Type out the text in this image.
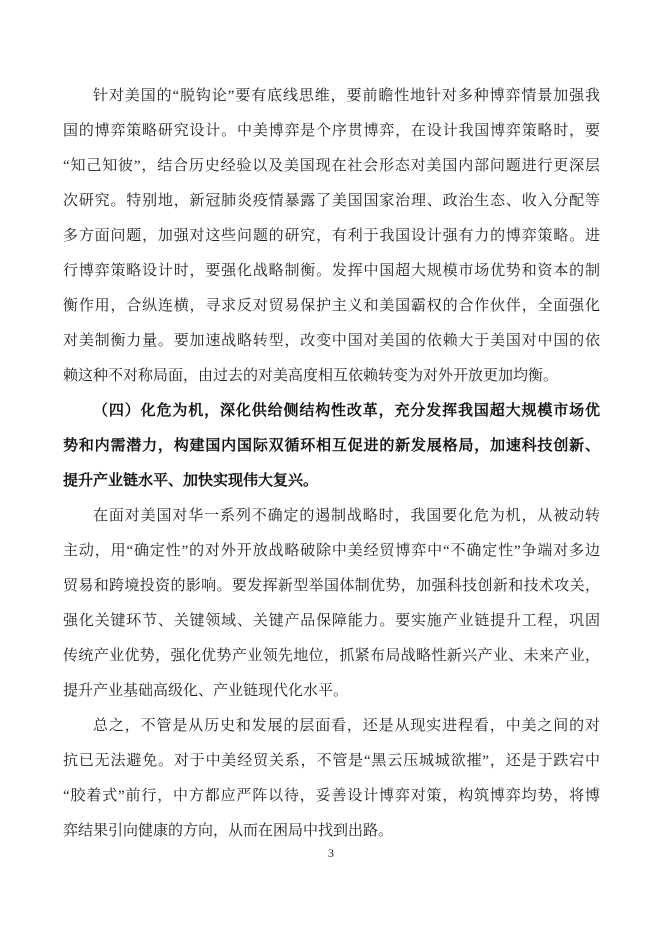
针对美国的“脱钩论”要有底线思维，要前瞻性地针对多种博弈情景加强我
国的博弈策略研究设计。中美博弈是个序贯博弈，在设计我国博弈策略时，要
“知己知彼”，结合历史经验以及美国现在社会形态对美国内部问题进行更深层
次研究。特别地，新冠肺炎疫情暴露了美国国家治理、政治生态、收入分配等
多方面问题，加强对这些问题的研究，有利于我国设计强有力的博弈策略。进
行博弈策略设计时，要强化战略制衡。发挥中国超大规模市场优势和资本的制
衡作用，合纵连横，寻求反对贸易保护主义和美国霸权的合作伙伴，全面强化
对美制衡力量。要加速战略转型，改变中国对美国的依赖大于美国对中国的依
赖这种不对称局面，由过去的对美高度相互依赖转变为对外开放更加均衡。
（四）化危为机，深化供给侧结构性改革，充分发挥我国超大规模市场优
势和内需潜力，构建国内国际双循环相互促进的新发展格局，加速科技创新、
提升产业链水平、加快实现伟大复兴。
在面对美国对华一系列不确定的遏制战略时，我国要化危为机，从被动转
主动，用“确定性”的对外开放战略破除中美经贸博弈中“不确定性”争端对多边
贸易和跨境投资的影响。要发挥新型举国体制优势，加强科技创新和技术攻关，
强化关键环节、关键领域、关键产品保障能力。要实施产业链提升工程，巩固
传统产业优势，强化优势产业领先地位，抓紧布局战略性新兴产业、未来产业，
提升产业基础高级化、产业链现代化水平。
总之，不管是从历史和发展的层面看，还是从现实进程看，中美之间的对
抗已无法避免。对于中美经贸关系，不管是“黑云压城城欲摧”，还是于跌宕中
“胶着式”前行，中方都应严阵以待，妥善设计博弈对策，构筑博弈均势，将博
弈结果引向健康的方向，从而在困局中找到出路。
3
